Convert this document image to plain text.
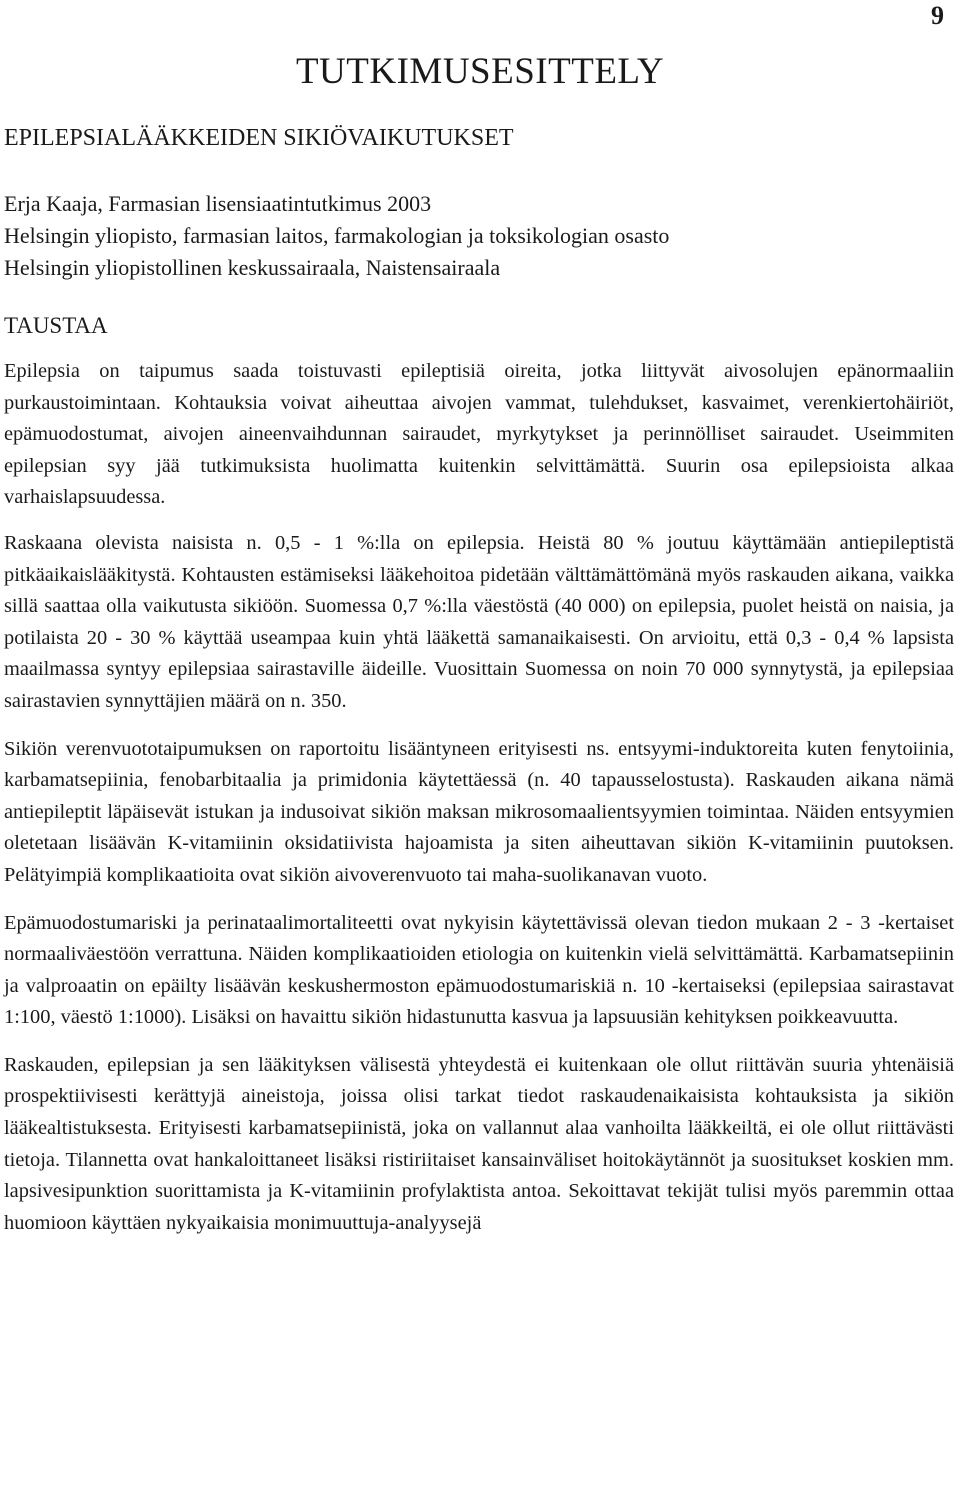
9
TUTKIMUSESITTELY
EPILEPSIALÄÄKKEIDEN SIKIÖVAIKUTUKSET
Erja Kaaja, Farmasian lisensiaatintutkimus 2003
Helsingin yliopisto, farmasian laitos, farmakologian ja toksikologian osasto
Helsingin yliopistollinen keskussairaala, Naistensairaala
TAUSTAA

Epilepsia on taipumus saada toistuvasti epileptisiä oireita, jotka liittyvät aivosolujen epänormaaliin purkaustoimintaan. Kohtauksia voivat aiheuttaa aivojen vammat, tulehdukset, kasvaimet, verenkiertohäiriöt, epämuodostumat, aivojen aineenvaihdunnan sairaudet, myrkytykset ja perinnölliset sairaudet. Useimmiten epilepsian syy jää tutkimuksista huolimatta kuitenkin selvittämättä. Suurin osa epilepsioista alkaa varhaislapsuudessa.

Raskaana olevista naisista n. 0,5 - 1 %:lla on epilepsia. Heistä 80 % joutuu käyttämään antiepileptistä pitkäaikaislääkitystä. Kohtausten estämiseksi lääkehoitoa pidetään välttämättömänä myös raskauden aikana, vaikka sillä saattaa olla vaikutusta sikiöön. Suomessa 0,7 %:lla väestöstä (40 000) on epilepsia, puolet heistä on naisia, ja potilaista 20 - 30 % käyttää useampaa kuin yhtä lääkettä samanaikaisesti. On arvioitu, että 0,3 - 0,4 % lapsista maailmassa syntyy epilepsiaa sairastaville äideille. Vuosittain Suomessa on noin 70 000 synnytystä, ja epilepsiaa sairastavien synnyttäjien määrä on n. 350.

Sikiön verenvuototaipumuksen on raportoitu lisääntyneen erityisesti ns. entsyymi-induktoreita kuten fenytoiinia, karbamatsepiinia, fenobarbitaalia ja primidonia käytettäessä (n. 40 tapausselostusta). Raskauden aikana nämä antiepileptit läpäisevät istukan ja indusoivat sikiön maksan mikrosomaalientsyymien toimintaa. Näiden entsyymien oletetaan lisäävän K-vitamiinin oksidatiivista hajoamista ja siten aiheuttavan sikiön K-vitamiinin puutoksen. Pelätyimpiä komplikaatioita ovat sikiön aivoverenvuoto tai maha-suolikanavan vuoto.

Epämuodostumariski ja perinataalimortaliteetti ovat nykyisin käytettävissä olevan tiedon mukaan 2 - 3 -kertaiset normaaliväestöön verrattuna. Näiden komplikaatioiden etiologia on kuitenkin vielä selvittämättä. Karbamatsepiinin ja valproaatin on epäilty lisäävän keskushermoston epämuodostumariskiä n. 10 -kertaiseksi (epilepsiaa sairastavat 1:100, väestö 1:1000). Lisäksi on havaittu sikiön hidastunutta kasvua ja lapsuusiän kehityksen poikkeavuutta.

Raskauden, epilepsian ja sen lääkityksen välisestä yhteydestä ei kuitenkaan ole ollut riittävän suuria yhtenäisiä prospektiivisesti kerättyjä aineistoja, joissa olisi tarkat tiedot raskaudenaikaisista kohtauksista ja sikiön lääkealtistuksesta. Erityisesti karbamatsepiinistä, joka on vallannut alaa vanhoilta lääkkeiltä, ei ole ollut riittävästi tietoja. Tilannetta ovat hankaloittaneet lisäksi ristiriitaiset kansainväliset hoitokäytännöt ja suositukset koskien mm. lapsivesipunktion suorittamista ja K-vitamiinin profylaktista antoa. Sekoittavat tekijät tulisi myös paremmin ottaa huomioon käyttäen nykyaikaisia monimuuttuja-analyysejä
